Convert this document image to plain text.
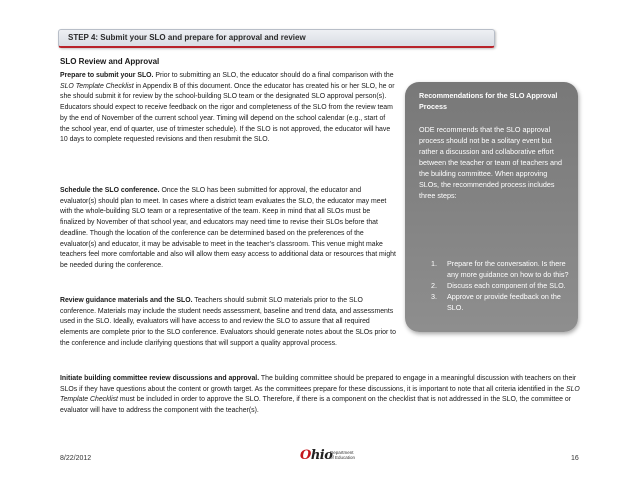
STEP 4: Submit your SLO and prepare for approval and review
SLO Review and Approval

Prepare to submit your SLO. Prior to submitting an SLO, the educator should do a final comparison with the SLO Template Checklist in Appendix B of this document. Once the educator has created his or her SLO, he or she should submit it for review by the school-building SLO team or the designated SLO approval person(s). Educators should expect to receive feedback on the rigor and completeness of the SLO from the review team by the end of November of the current school year. Timing will depend on the school calendar (e.g., start of the school year, end of quarter, use of trimester schedule). If the SLO is not approved, the educator will have 10 days to complete requested revisions and then resubmit the SLO.

Schedule the SLO conference. Once the SLO has been submitted for approval, the educator and evaluator(s) should plan to meet. In cases where a district team evaluates the SLO, the educator may meet with the whole-building SLO team or a representative of the team. Keep in mind that all SLOs must be finalized by November of that school year, and educators may need time to revise their SLOs before that deadline. Though the location of the conference can be determined based on the preferences of the evaluator(s) and educator, it may be advisable to meet in the teacher’s classroom. This venue might make teachers feel more comfortable and also will allow them easy access to additional data or resources that might be needed during the conference.

Review guidance materials and the SLO. Teachers should submit SLO materials prior to the SLO conference. Materials may include the student needs assessment, baseline and trend data, and assessments used in the SLO. Ideally, evaluators will have access to and review the SLO to assure that all required elements are complete prior to the SLO conference. Evaluators should generate notes about the SLOs prior to the conference and include clarifying questions that will support a quality approval process.

Initiate building committee review discussions and approval. The building committee should be prepared to engage in a meaningful discussion with teachers on their SLOs if they have questions about the content or growth target. As the committees prepare for these discussions, it is important to note that all criteria identified in the SLO Template Checklist must be included in order to approve the SLO. Therefore, if there is a component on the checklist that is not addressed in the SLO, the committee or evaluator will have to address the component with the teacher(s).

Recommendations for the SLO Approval Process
ODE recommends that the SLO approval process should not be a solitary event but rather a discussion and collaborative effort between the teacher or team of teachers and the building committee. When approving SLOs, the recommended process includes three steps:
1. Prepare for the conversation. Is there any more guidance on how to do this?
2. Discuss each component of the SLO.
3. Approve or provide feedback on the SLO.
8/22/2012	Ohio
Department
of Education	16
